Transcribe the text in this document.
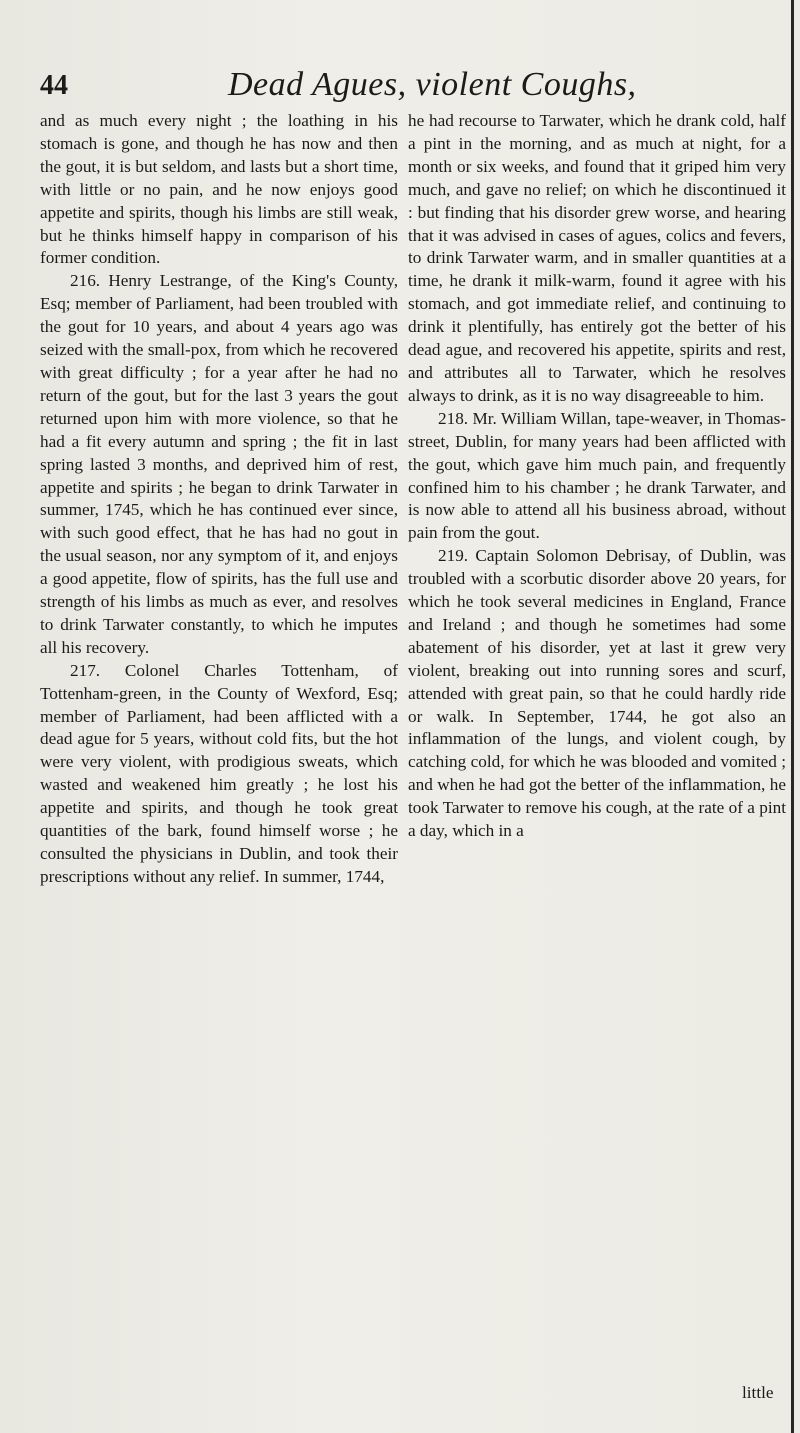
44	Dead Agues, violent Coughs,

and as much every night ; the loathing in his stomach is gone, and though he has now and then the gout, it is but seldom, and lasts but a short time, with little or no pain, and he now enjoys good appetite and spirits, though his limbs are still weak, but he thinks himself happy in comparison of his former condition.

216. Henry Lestrange, of the King's County, Esq; member of Parliament, had been troubled with the gout for 10 years, and about 4 years ago was seized with the small-pox, from which he recovered with great difficulty ; for a year after he had no return of the gout, but for the last 3 years the gout returned upon him with more violence, so that he had a fit every autumn and spring ; the fit in last spring lasted 3 months, and deprived him of rest, appetite and spirits ; he began to drink Tarwater in summer, 1745, which he has continued ever since, with such good effect, that he has had no gout in the usual season, nor any symptom of it, and enjoys a good appetite, flow of spirits, has the full use and strength of his limbs as much as ever, and resolves to drink Tarwater constantly, to which he imputes all his recovery.

217. Colonel Charles Tottenham, of Tottenham-green, in the County of Wexford, Esq; member of Parliament, had been afflicted with a dead ague for 5 years, without cold fits, but the hot were very violent, with prodigious sweats, which wasted and weakened him greatly ; he lost his appetite and spirits, and though he took great quantities of the bark, found himself worse ; he consulted the physicians in Dublin, and took their prescriptions without any relief. In summer, 1744,

he had recourse to Tarwater, which he drank cold, half a pint in the morning, and as much at night, for a month or six weeks, and found that it griped him very much, and gave no relief; on which he discontinued it : but finding that his disorder grew worse, and hearing that it was advised in cases of agues, colics and fevers, to drink Tarwater warm, and in smaller quantities at a time, he drank it milk-warm, found it agree with his stomach, and got immediate relief, and continuing to drink it plentifully, has entirely got the better of his dead ague, and recovered his appetite, spirits and rest, and attributes all to Tarwater, which he resolves always to drink, as it is no way disagreeable to him.

218. Mr. William Willan, tape-weaver, in Thomas-street, Dublin, for many years had been afflicted with the gout, which gave him much pain, and frequently confined him to his chamber ; he drank Tarwater, and is now able to attend all his business abroad, without pain from the gout.

219. Captain Solomon Debrisay, of Dublin, was troubled with a scorbutic disorder above 20 years, for which he took several medicines in England, France and Ireland ; and though he sometimes had some abatement of his disorder, yet at last it grew very violent, breaking out into running sores and scurf, attended with great pain, so that he could hardly ride or walk. In September, 1744, he got also an inflammation of the lungs, and violent cough, by catching cold, for which he was blooded and vomited ; and when he had got the better of the inflammation, he took Tarwater to remove his cough, at the rate of a pint a day, which in a

little
